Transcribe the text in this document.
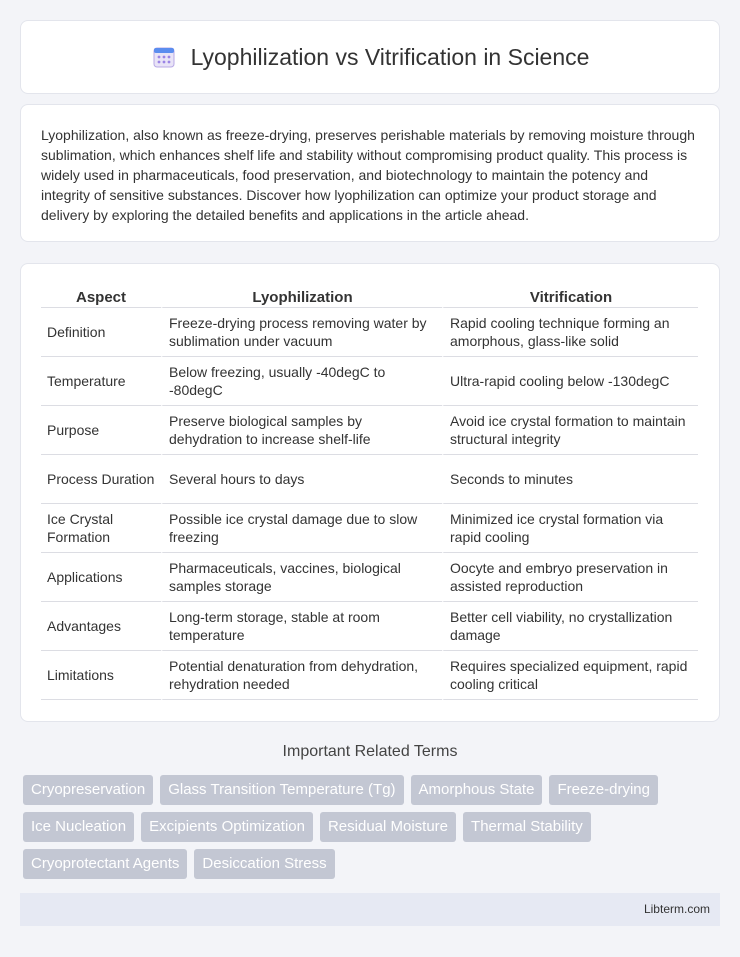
Lyophilization vs Vitrification in Science

Lyophilization, also known as freeze-drying, preserves perishable materials by removing moisture through sublimation, which enhances shelf life and stability without compromising product quality. This process is widely used in pharmaceuticals, food preservation, and biotechnology to maintain the potency and integrity of sensitive substances. Discover how lyophilization can optimize your product storage and delivery by exploring the detailed benefits and applications in the article ahead.

Aspect	Lyophilization	Vitrification
Definition	Freeze-drying process removing water by sublimation under vacuum	Rapid cooling technique forming an amorphous, glass-like solid
Temperature	Below freezing, usually -40degC to -80degC	Ultra-rapid cooling below -130degC
Purpose	Preserve biological samples by dehydration to increase shelf-life	Avoid ice crystal formation to maintain structural integrity
Process Duration	Several hours to days	Seconds to minutes
Ice Crystal Formation	Possible ice crystal damage due to slow freezing	Minimized ice crystal formation via rapid cooling
Applications	Pharmaceuticals, vaccines, biological samples storage	Oocyte and embryo preservation in assisted reproduction
Advantages	Long-term storage, stable at room temperature	Better cell viability, no crystallization damage
Limitations	Potential denaturation from dehydration, rehydration needed	Requires specialized equipment, rapid cooling critical
Important Related Terms
Cryopreservation	Glass Transition Temperature (Tg)	Amorphous State	Freeze-drying
Ice Nucleation	Excipients Optimization	Residual Moisture	Thermal Stability
Cryoprotectant Agents	Desiccation Stress
Libterm.com
